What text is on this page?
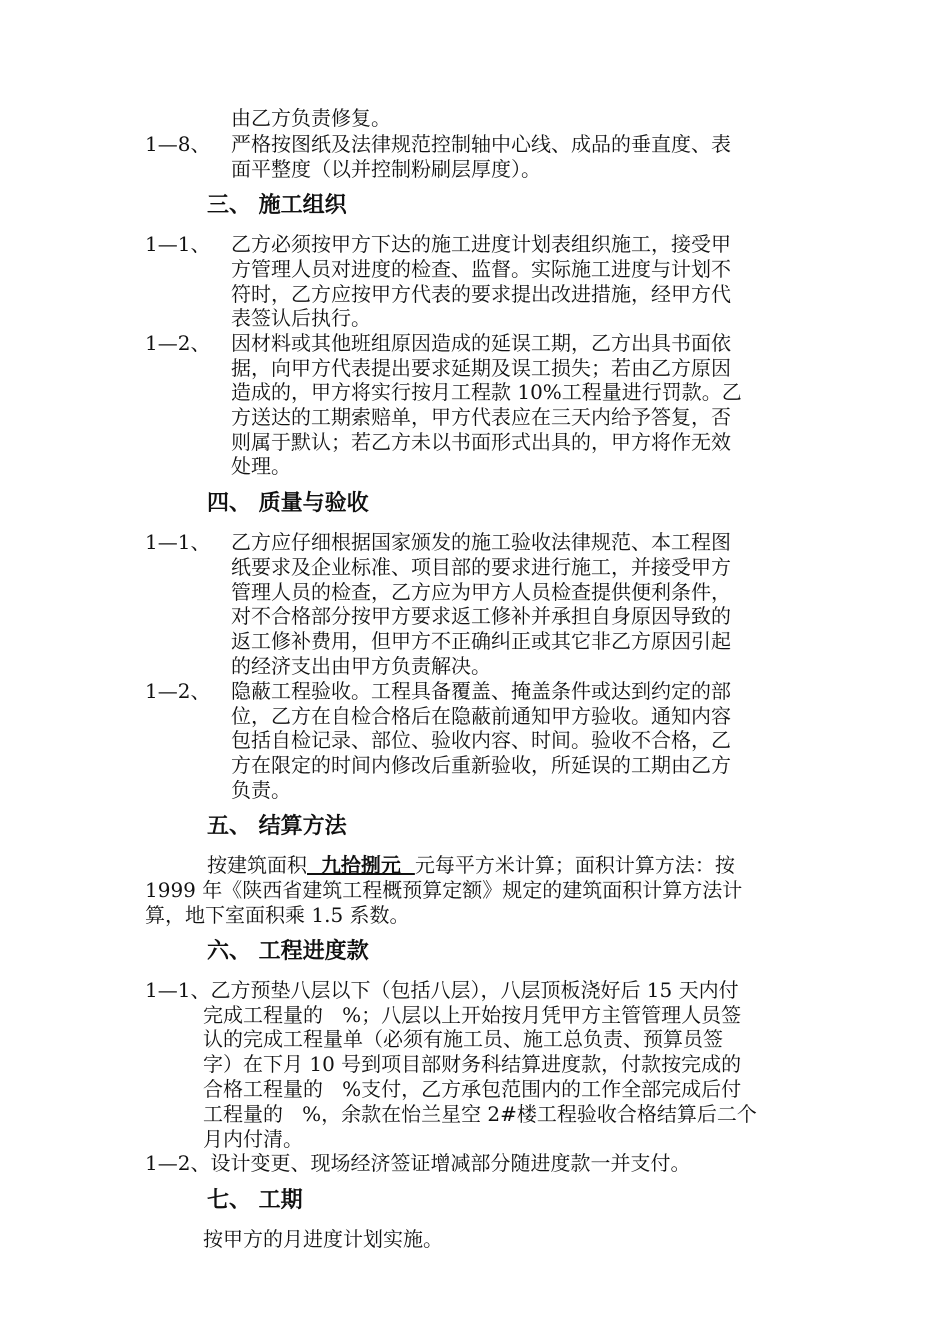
由乙方负责修复。
1—8、 严格按图纸及法律规范控制轴中心线、成品的垂直度、表
面平整度（以并控制粉刷层厚度）。
三、 施工组织
1—1、 乙方必须按甲方下达的施工进度计划表组织施工，接受甲
方管理人员对进度的检查、监督。实际施工进度与计划不
符时，乙方应按甲方代表的要求提出改进措施，经甲方代
表签认后执行。
1—2、 因材料或其他班组原因造成的延误工期，乙方出具书面依
据，向甲方代表提出要求延期及误工损失；若由乙方原因
造成的，甲方将实行按月工程款 10%工程量进行罚款。乙
方送达的工期索赔单，甲方代表应在三天内给予答复，否
则属于默认；若乙方未以书面形式出具的，甲方将作无效
处理。
四、 质量与验收
1—1、 乙方应仔细根据国家颁发的施工验收法律规范、本工程图
纸要求及企业标准、项目部的要求进行施工，并接受甲方
管理人员的检查，乙方应为甲方人员检查提供便利条件，
对不合格部分按甲方要求返工修补并承担自身原因导致的
返工修补费用，但甲方不正确纠正或其它非乙方原因引起
的经济支出由甲方负责解决。
1—2、 隐蔽工程验收。工程具备覆盖、掩盖条件或达到约定的部
位，乙方在自检合格后在隐蔽前通知甲方验收。通知内容
包括自检记录、部位、验收内容、时间。验收不合格，乙
方在限定的时间内修改后重新验收，所延误的工期由乙方
负责。
五、 结算方法
按建筑面积  九拾捌元  元每平方米计算；面积计算方法：按
1999 年《陕西省建筑工程概预算定额》规定的建筑面积计算方法计
算，地下室面积乘 1.5 系数。
六、 工程进度款
1—1、乙方预垫八层以下（包括八层），八层顶板浇好后 15 天内付
完成工程量的   %；八层以上开始按月凭甲方主管管理人员签
认的完成工程量单（必须有施工员、施工总负责、预算员签
字）在下月 10 号到项目部财务科结算进度款，付款按完成的
合格工程量的   %支付，乙方承包范围内的工作全部完成后付
工程量的   %，余款在怡兰星空 2#楼工程验收合格结算后二个
月内付清。
1—2、设计变更、现场经济签证增减部分随进度款一并支付。
七、 工期
按甲方的月进度计划实施。
